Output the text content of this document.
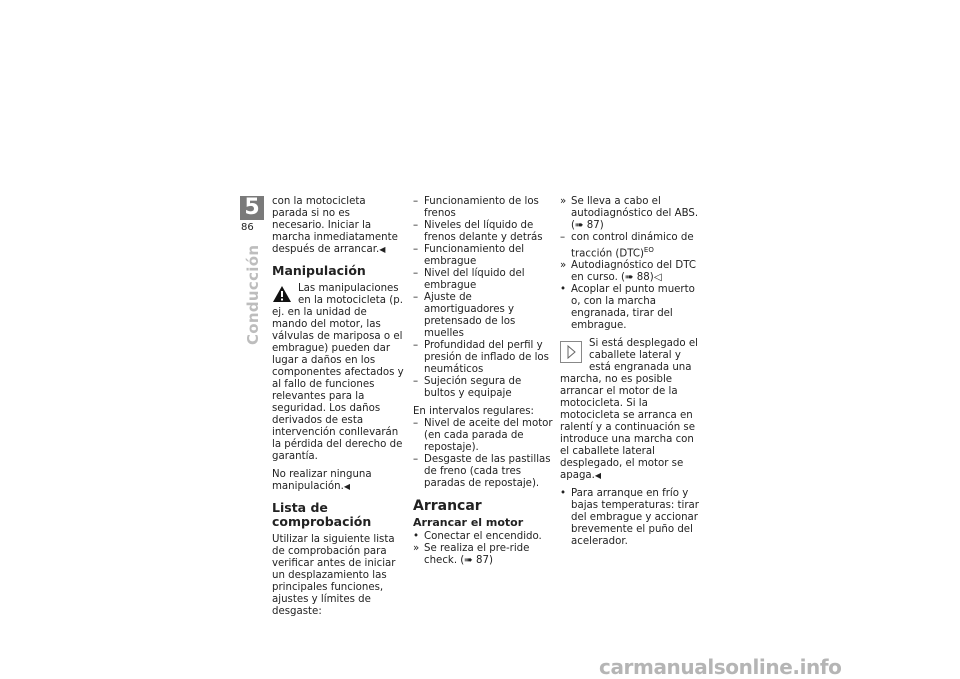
5
86
Conducción

con la motocicleta parada si no es necesario. Iniciar la marcha inmediatamente después de arrancar.◀

Manipulación

Las manipulaciones en la motocicleta (p. ej. en la unidad de mando del motor, las válvulas de mariposa o el embrague) pueden dar lugar a daños en los componentes afectados y al fallo de funciones relevantes para la seguridad. Los daños derivados de esta intervención conllevarán la pérdida del derecho de garantía.

No realizar ninguna manipulación.◀

Lista de comprobación

Utilizar la siguiente lista de comprobación para verificar antes de iniciar un desplazamiento las principales funciones, ajustes y límites de desgaste:

– Funcionamiento de los frenos
– Niveles del líquido de frenos delante y detrás
– Funcionamiento del embrague
– Nivel del líquido del embrague
– Ajuste de amortiguadores y pretensado de los muelles
– Profundidad del perfil y presión de inflado de los neumáticos
– Sujeción segura de bultos y equipaje

En intervalos regulares:

– Nivel de aceite del motor (en cada parada de repostaje).
– Desgaste de las pastillas de freno (cada tres paradas de repostaje).
Arrancar
Arrancar el motor
• Conectar el encendido.
» Se realiza el pre-ride check. (➠ 87)
» Se lleva a cabo el autodiagnóstico del ABS. (➠ 87)
– con control dinámico de tracción (DTC)$^{EO}$
» Autodiagnóstico del DTC en curso. (➠ 88)◁
• Acoplar el punto muerto o, con la marcha engranada, tirar del embrague.

Si está desplegado el caballete lateral y está engranada una marcha, no es posible arrancar el motor de la motocicleta. Si la motocicleta se arranca en ralentí y a continuación se introduce una marcha con el caballete lateral desplegado, el motor se apaga.◀

• Para arranque en frío y bajas temperaturas: tirar del embrague y accionar brevemente el puño del acelerador.
carmanualsonline.info
